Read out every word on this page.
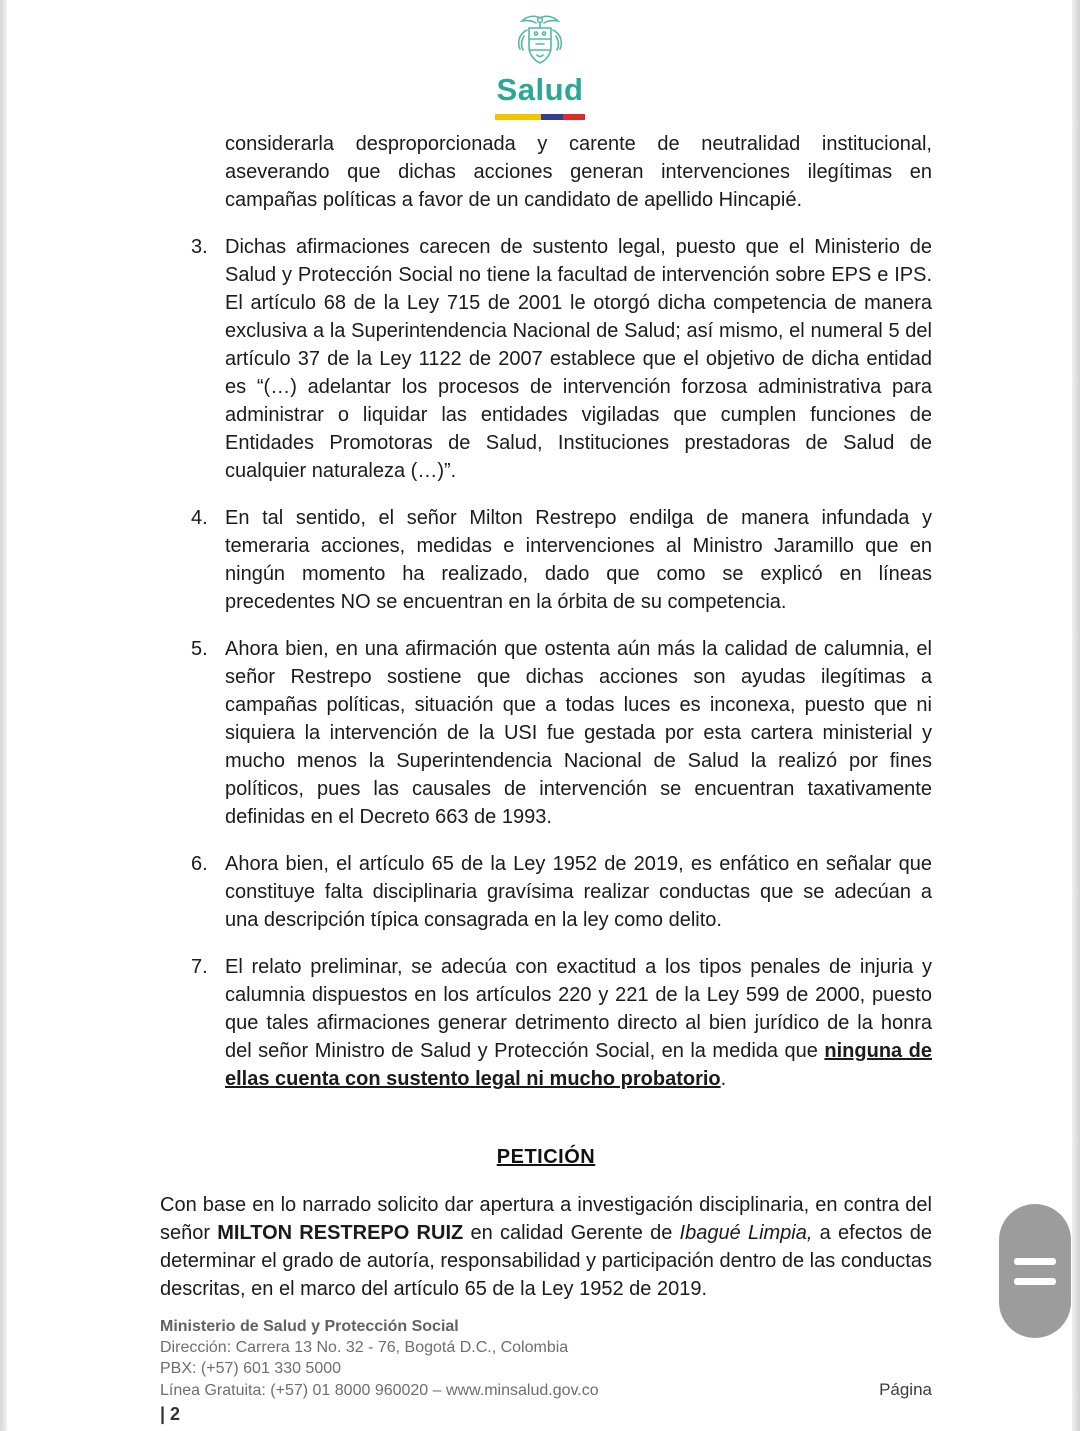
Salud

considerarla desproporcionada y carente de neutralidad institucional, aseverando que dichas acciones generan intervenciones ilegítimas en campañas políticas a favor de un candidato de apellido Hincapié.

3. Dichas afirmaciones carecen de sustento legal, puesto que el Ministerio de Salud y Protección Social no tiene la facultad de intervención sobre EPS e IPS. El artículo 68 de la Ley 715 de 2001 le otorgó dicha competencia de manera exclusiva a la Superintendencia Nacional de Salud; así mismo, el numeral 5 del artículo 37 de la Ley 1122 de 2007 establece que el objetivo de dicha entidad es “(…) adelantar los procesos de intervención forzosa administrativa para administrar o liquidar las entidades vigiladas que cumplen funciones de Entidades Promotoras de Salud, Instituciones prestadoras de Salud de cualquier naturaleza (…)”.

4. En tal sentido, el señor Milton Restrepo endilga de manera infundada y temeraria acciones, medidas e intervenciones al Ministro Jaramillo que en ningún momento ha realizado, dado que como se explicó en líneas precedentes NO se encuentran en la órbita de su competencia.

5. Ahora bien, en una afirmación que ostenta aún más la calidad de calumnia, el señor Restrepo sostiene que dichas acciones son ayudas ilegítimas a campañas políticas, situación que a todas luces es inconexa, puesto que ni siquiera la intervención de la USI fue gestada por esta cartera ministerial y mucho menos la Superintendencia Nacional de Salud la realizó por fines políticos, pues las causales de intervención se encuentran taxativamente definidas en el Decreto 663 de 1993.

6. Ahora bien, el artículo 65 de la Ley 1952 de 2019, es enfático en señalar que constituye falta disciplinaria gravísima realizar conductas que se adecúan a una descripción típica consagrada en la ley como delito.

7. El relato preliminar, se adecúa con exactitud a los tipos penales de injuria y calumnia dispuestos en los artículos 220 y 221 de la Ley 599 de 2000, puesto que tales afirmaciones generar detrimento directo al bien jurídico de la honra del señor Ministro de Salud y Protección Social, en la medida que ninguna de ellas cuenta con sustento legal ni mucho probatorio.

PETICIÓN

Con base en lo narrado solicito dar apertura a investigación disciplinaria, en contra del señor MILTON RESTREPO RUIZ en calidad Gerente de Ibagué Limpia, a efectos de determinar el grado de autoría, responsabilidad y participación dentro de las conductas descritas, en el marco del artículo 65 de la Ley 1952 de 2019.

Ministerio de Salud y Protección Social
Dirección: Carrera 13 No. 32 - 76, Bogotá D.C., Colombia
PBX: (+57) 601 330 5000
Línea Gratuita: (+57) 01 8000 960020 – www.minsalud.gov.co	Página
| 2
